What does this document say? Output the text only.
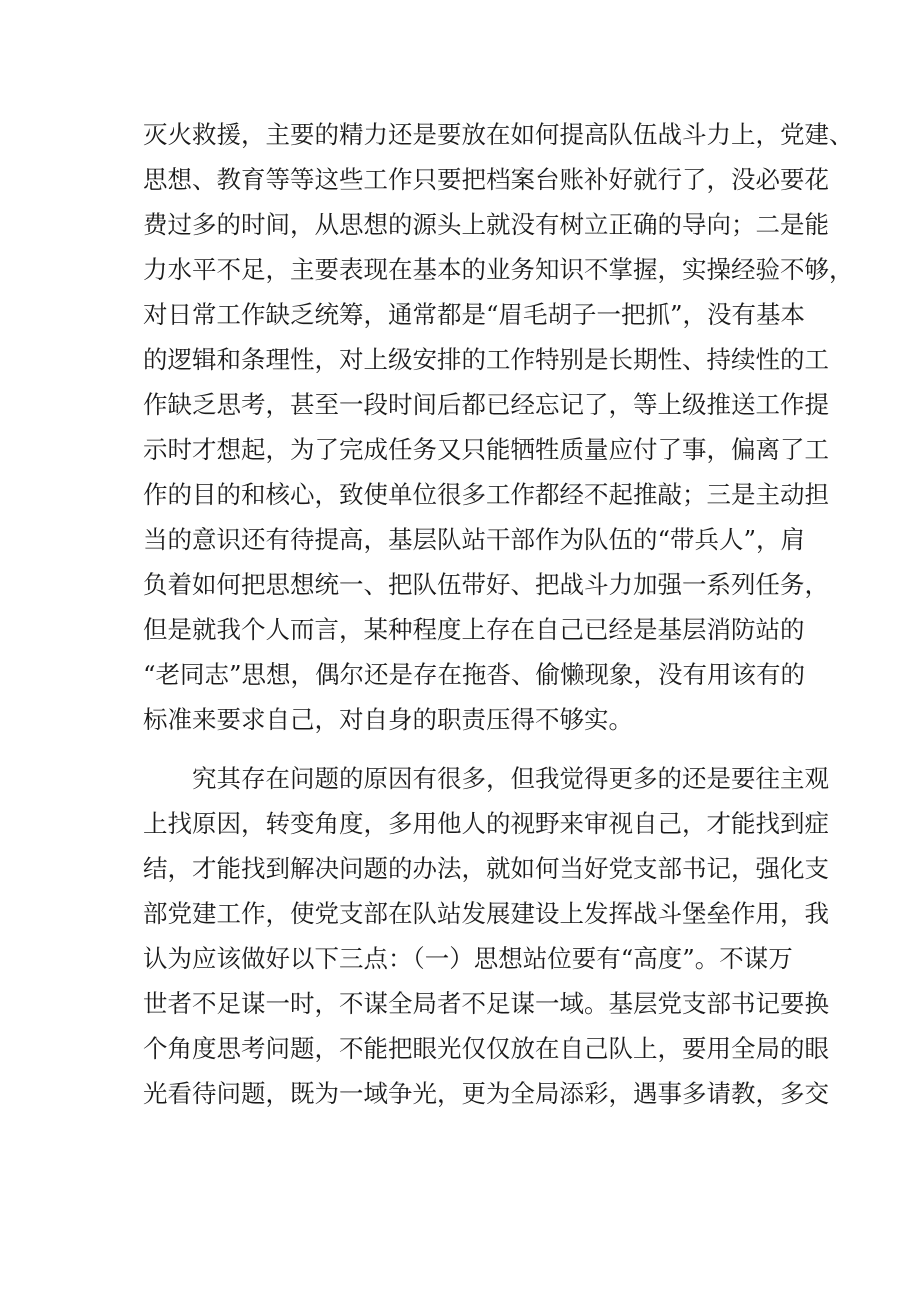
灭火救援，主要的精力还是要放在如何提高队伍战斗力上，党建、
思想、教育等等这些工作只要把档案台账补好就行了，没必要花
费过多的时间，从思想的源头上就没有树立正确的导向；二是能
力水平不足，主要表现在基本的业务知识不掌握，实操经验不够，
对日常工作缺乏统筹，通常都是“眉毛胡子一把抓”，没有基本
的逻辑和条理性，对上级安排的工作特别是长期性、持续性的工
作缺乏思考，甚至一段时间后都已经忘记了，等上级推送工作提
示时才想起，为了完成任务又只能牺牲质量应付了事，偏离了工
作的目的和核心，致使单位很多工作都经不起推敲；三是主动担
当的意识还有待提高，基层队站干部作为队伍的“带兵人”，肩
负着如何把思想统一、把队伍带好、把战斗力加强一系列任务，
但是就我个人而言，某种程度上存在自己已经是基层消防站的
“老同志”思想，偶尔还是存在拖沓、偷懒现象，没有用该有的
标准来要求自己，对自身的职责压得不够实。
　　究其存在问题的原因有很多，但我觉得更多的还是要往主观
上找原因，转变角度，多用他人的视野来审视自己，才能找到症
结，才能找到解决问题的办法，就如何当好党支部书记，强化支
部党建工作，使党支部在队站发展建设上发挥战斗堡垒作用，我
认为应该做好以下三点：（一）思想站位要有“高度”。不谋万
世者不足谋一时，不谋全局者不足谋一域。基层党支部书记要换
个角度思考问题，不能把眼光仅仅放在自己队上，要用全局的眼
光看待问题，既为一域争光，更为全局添彩，遇事多请教，多交
